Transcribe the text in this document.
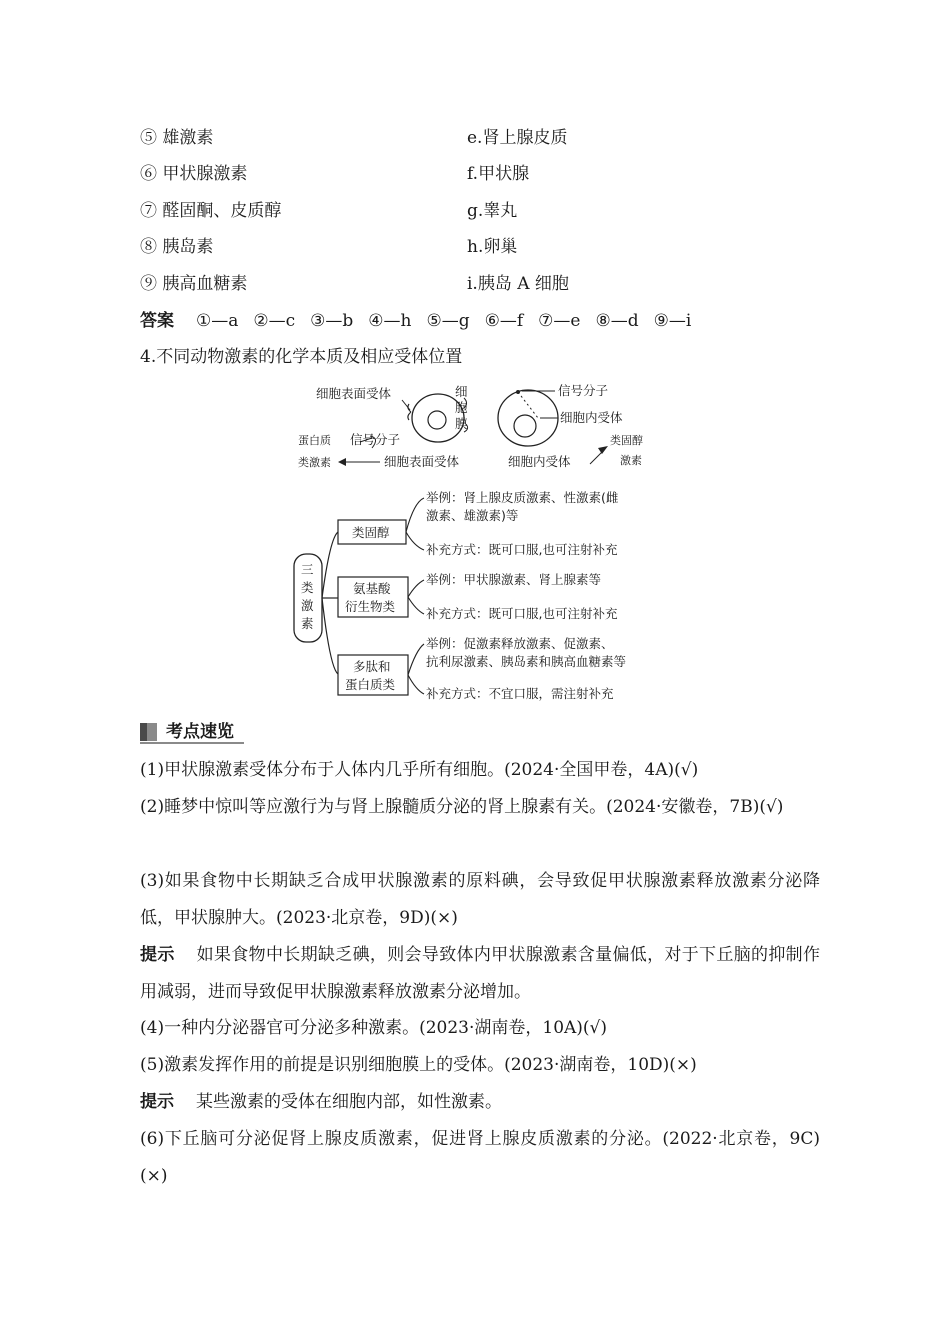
⑤ 雄激素	e.肾上腺皮质
⑥ 甲状腺激素	f.甲状腺
⑦ 醛固酮、皮质醇	g.睾丸
⑧ 胰岛素	h.卵巢
⑨ 胰高血糖素	i.胰岛 A 细胞
答案 ①—a ②—c ③—b ④—h ⑤—g ⑥—f ⑦—e ⑧—d ⑨—i
4.不同动物激素的化学本质及相应受体位置
细胞表面受体	细
胞
膜
信号分子
细胞表面受体
蛋白质
类激素
信号分子
细胞内受体
细胞内受体
类固醇
激素
三
类
激
素
类固醇
举例：肾上腺皮质激素、性激素(雌
激素、雄激素)等
补充方式：既可口服,也可注射补充
氨基酸
衍生物类
举例：甲状腺激素、肾上腺素等
补充方式：既可口服,也可注射补充
多肽和
蛋白质类
举例：促激素释放激素、促激素、
抗利尿激素、胰岛素和胰高血糖素等
补充方式：不宜口服，需注射补充
考点速览
(1)甲状腺激素受体分布于人体内几乎所有细胞。(2024·全国甲卷，4A)(√)
(2)睡梦中惊叫等应激行为与肾上腺髓质分泌的肾上腺素有关。(2024·安徽卷，7B)(√)
(3)如果食物中长期缺乏合成甲状腺激素的原料碘，会导致促甲状腺激素释放激素分泌降低，甲状腺肿大。(2023·北京卷，9D)(×)
提示 如果食物中长期缺乏碘，则会导致体内甲状腺激素含量偏低，对于下丘脑的抑制作用减弱，进而导致促甲状腺激素释放激素分泌增加。
(4)一种内分泌器官可分泌多种激素。(2023·湖南卷，10A)(√)
(5)激素发挥作用的前提是识别细胞膜上的受体。(2023·湖南卷，10D)(×)
提示 某些激素的受体在细胞内部，如性激素。
(6)下丘脑可分泌促肾上腺皮质激素，促进肾上腺皮质激素的分泌。(2022·北京卷，9C)(×)
